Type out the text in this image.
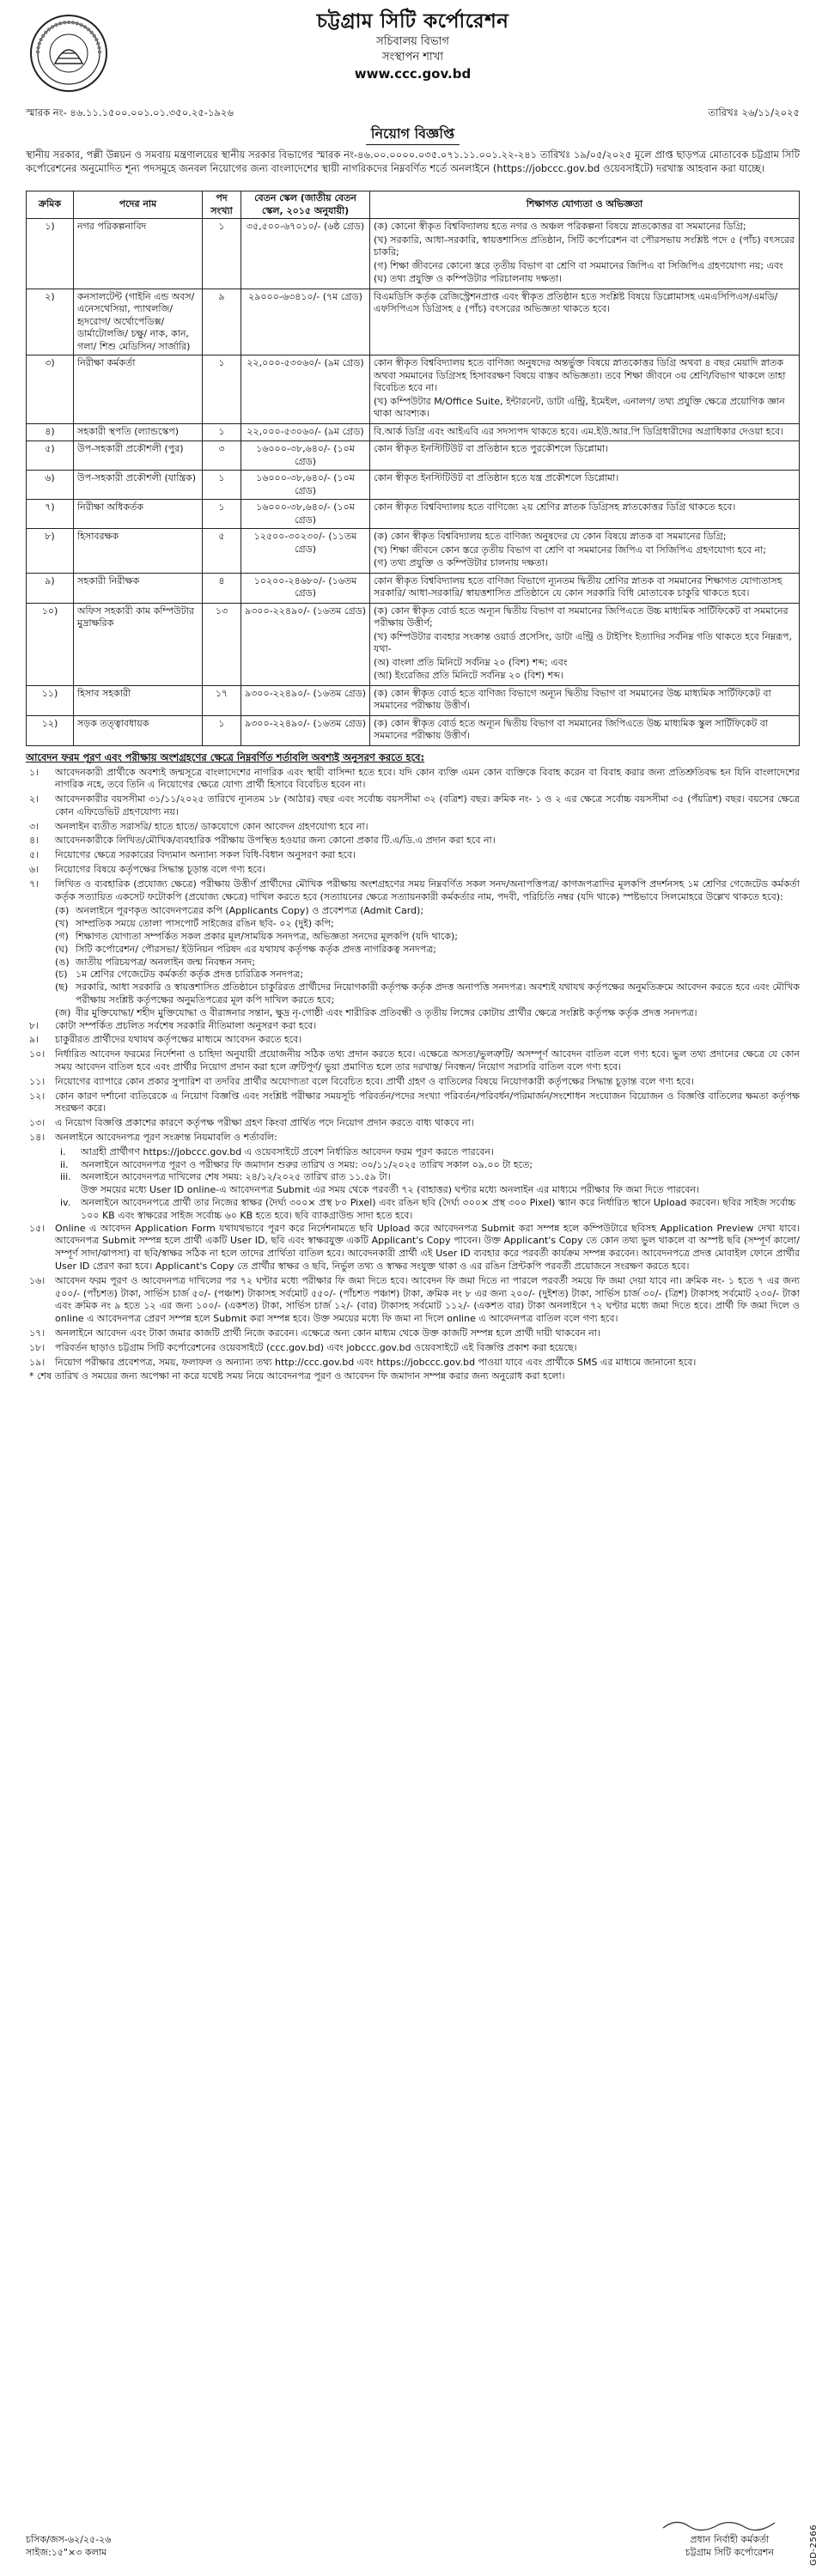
চট্টগ্রাম সিটি কর্পোরেশন
সচিবালয় বিভাগ
সংস্থাপন শাখা
www.ccc.gov.bd
স্মারক নং- ৪৬.১১.১৫০০.০০১.০১.৩৫০.২৫-১৯২৬	তারিখঃ ২৬/১১/২০২৫
নিয়োগ বিজ্ঞপ্তি
স্থানীয় সরকার, পল্লী উন্নয়ন ও সমবায় মন্ত্রণালয়ের স্থানীয় সরকার বিভাগের স্মারক নং-৪৬.০০.০০০০.০৩৫.০৭১.১১.০০১.২২-২৪১ তারিখঃ ১৯/০৫/২০২৫ মূলে প্রাপ্ত ছাড়পত্র মোতাবেক চট্টগ্রাম সিটি কর্পোরেশনের অনুমোদিত শূন্য পদসমূহে জনবল নিয়োগের জন্য বাংলাদেশের স্থায়ী নাগরিকদের নিম্নবর্ণিত শর্তে অনলাইনে (https://jobccc.gov.bd ওয়েবসাইটে) দরখাস্ত আহবান করা যাচ্ছে।
ক্রমিক	পদের নাম	পদ সংখ্যা	বেতন স্কেল (জাতীয় বেতন স্কেল, ২০১৫ অনুযায়ী)	শিক্ষাগত যোগ্যতা ও অভিজ্ঞতা
১)	নগর পরিকল্পনাবিদ	১	৩৫,৫০০-৬৭০১০/- (৬ষ্ঠ গ্রেড)	(ক) কোনো স্বীকৃত বিশ্ববিদ্যালয় হতে নগর ও অঞ্চল পরিকল্পনা বিষয়ে স্নাতকোত্তর বা সমমানের ডিগ্রি;
(খ) সরকারি, আধা-সরকারি, স্বায়ত্তশাসিত প্রতিষ্ঠান, সিটি কর্পোরেশন বা পৌরসভায় সংশ্লিষ্ট পদে ৫ (পাঁচ) বৎসরের চাকরি;
(গ) শিক্ষা জীবনের কোনো স্তরে তৃতীয় বিভাগ বা শ্রেণি বা সমমানের জিপিএ বা সিজিপিএ গ্রহণযোগ্য নয়; এবং
(ঘ) তথ্য প্রযুক্তি ও কম্পিউটার পরিচালনায় দক্ষতা।

২)	কনসালটেন্ট (গাইনি এন্ড অবস/ এনেসথেসিয়া, প্যাথলজি/ হৃদরোগ/ অর্থোপেডিক্স/ ডার্মাটোলজি/ চক্ষু/ নাক, কান, গলা/ শিশু মেডিসিন/ সার্জারি)	৯	২৯০০০-৬৩৪১০/- (৭ম গ্রেড)	বিএমডিসি কর্তৃক রেজিস্ট্রেশনপ্রাপ্ত এবং স্বীকৃত প্রতিষ্ঠান হতে সংশ্লিষ্ট বিষয়ে ডিপ্লোমাসহ এমএসিপিএস/এমডি/এফসিপিএস ডিগ্রিসহ ৫ (পাঁচ) বৎসরের অভিজ্ঞতা থাকতে হবে।

৩)	নিরীক্ষা কর্মকর্তা	১	২২,০০০-৫৩০৬০/- (৯ম গ্রেড)	কোন স্বীকৃত বিশ্ববিদ্যালয় হতে বাণিজ্য অনুষদের অন্তর্ভুক্ত বিষয়ে স্নাতকোত্তর ডিগ্রি অথবা ৪ বছর মেয়াদি স্নাতক অথবা সমমানের ডিগ্রিসহ হিসাবরক্ষণ বিষয়ে বাস্তব অভিজ্ঞতা। তবে শিক্ষা জীবনে ৩য় শ্রেণি/বিভাগ থাকলে তাহা বিবেচিত হবে না।
(খ) কম্পিউটার M/Office Suite, ইন্টারনেট, ডাটা এন্ট্রি, ইমেইল, এনালগ/ তথ্য প্রযুক্তি ক্ষেত্রে প্রয়োগিক জ্ঞান থাকা আবশ্যক।

৪)	সহকারী স্থপতি (ল্যান্ডস্কেপ)	১	২২,০০০-৫৩০৬০/- (৯ম গ্রেড)	বি.আর্ক ডিগ্রি এবং আইএবি এর সদস্যপদ থাকতে হবে। এম.ইউ.আর.পি ডিগ্রিধারীদের অগ্রাধিকার দেওয়া হবে।

৫)	উপ-সহকারী প্রকৌশলী (পুর)	৩	১৬০০০-৩৮,৬৪০/- (১০ম গ্রেড)	কোন স্বীকৃত ইনস্টিটিউট বা প্রতিষ্ঠান হতে পুরকৌশলে ডিপ্লোমা।

৬)	উপ-সহকারী প্রকৌশলী (যান্ত্রিক)	১	১৬০০০-৩৮,৬৪০/- (১০ম গ্রেড)	কোন স্বীকৃত ইনস্টিটিউট বা প্রতিষ্ঠান হতে যন্ত্র প্রকৌশলে ডিপ্লোমা।

৭)	নিরীক্ষা অধিকর্তক	১	১৬০০০-৩৮,৬৪০/- (১০ম গ্রেড)	কোন স্বীকৃত বিশ্ববিদ্যালয় হতে বাণিজ্যে ২য় শ্রেণির স্নাতক ডিগ্রিসহ স্নাতকোত্তর ডিগ্রি থাকতে হবে।

৮)	হিসাবরক্ষক	৫	১২৫০০-৩০২৩০/- (১১তম গ্রেড)	(ক) কোন স্বীকৃত বিশ্ববিদ্যালয় হতে বাণিজ্য অনুষদের যে কোন বিষয়ে স্নাতক বা সমমানের ডিগ্রি;
(খ) শিক্ষা জীবনে কোন স্তরে তৃতীয় বিভাগ বা শ্রেণি বা সমমানের জিপিএ বা সিজিপিএ গ্রহণযোগ্য হবে না;
(গ) তথ্য প্রযুক্তি ও কম্পিউটার চালনায় দক্ষতা।

৯)	সহকারী নিরীক্ষক	৪	১০২০০-২৪৬৮০/- (১৬তম গ্রেড)	কোন স্বীকৃত বিশ্ববিদ্যালয় হতে বাণিজ্য বিভাগে ন্যূনতম দ্বিতীয় শ্রেণির স্নাতক বা সমমানের শিক্ষাগত যোগ্যতাসহ সরকারি/ আধা-সরকারি/ স্বায়ত্তশাসিত প্রতিষ্ঠানে যে কোন সরকারি বিধি মোতাবেক চাকুরি থাকতে হবে।

১০)	অফিস সহকারী কাম কম্পিউটার মুদ্রাক্ষরিক	১৩	৯৩০০-২২৪৯০/- (১৬তম গ্রেড)	(ক) কোন স্বীকৃত বোর্ড হতে অন্যূন দ্বিতীয় বিভাগ বা সমমানের জিপিএতে উচ্চ মাধ্যমিক সার্টিফিকেট বা সমমানের পরীক্ষায় উত্তীর্ণ;
(খ) কম্পিউটার ব্যবহার সংক্রান্ত ওয়ার্ড প্রসেসিং, ডাটা এন্ট্রি ও টাইপিং ইত্যাদির সর্বনিম্ন গতি থাকতে হবে নিম্নরূপ, যথা-
(অ) বাংলা প্রতি মিনিটে সর্বনিম্ন ২০ (বিশ) শব্দ; এবং
(আ) ইংরেজির প্রতি মিনিটে সর্বনিম্ন ২০ (বিশ) শব্দ।

১১)	হিসাব সহকারী	১৭	৯৩০০-২২৪৯০/- (১৬তম গ্রেড)	(ক) কোন স্বীকৃত বোর্ড হতে বাণিজ্য বিভাগে অন্যূন দ্বিতীয় বিভাগ বা সমমানের উচ্চ মাধ্যমিক সার্টিফিকেট বা সমমানের পরীক্ষায় উত্তীর্ণ।

১২)	সড়ক তত্ত্বাবধায়ক	১	৯৩০০-২২৪৯০/- (১৬তম গ্রেড)	(ক) কোন স্বীকৃত বোর্ড হতে অন্যূন দ্বিতীয় বিভাগ বা সমমানের জিপিএতে উচ্চ মাধ্যমিক স্কুল সার্টিফিকেট বা সমমানের পরীক্ষায় উত্তীর্ণ।
আবেদন ফরম পূরণ এবং পরীক্ষায় অংশগ্রহণের ক্ষেত্রে নিম্নবর্ণিত শর্তাবলি অবশ্যই অনুসরণ করতে হবে:
১। আবেদনকারী প্রার্থীকে অবশ্যই জন্মসূত্রে বাংলাদেশের নাগরিক এবং স্থায়ী বাসিন্দা হতে হবে। যদি কোন ব্যক্তি এমন কোন ব্যক্তিকে বিবাহ করেন বা বিবাহ করার জন্য প্রতিশ্রুতিবদ্ধ হন যিনি বাংলাদেশের নাগরিক নহে, তবে তিনি এ নিয়োগের ক্ষেত্রে যোগ্য প্রার্থী হিসাবে বিবেচিত হবেন না।
২। আবেদনকারীর বয়সসীমা ৩১/১১/২০২৫ তারিখে ন্যূনতম ১৮ (আঠার) বছর এবং সর্বোচ্চ বয়সসীমা ৩২ (বত্রিশ) বছর। ক্রমিক নং- ১ ও ২ এর ক্ষেত্রে সর্বোচ্চ বয়সসীমা ৩৫ (পঁয়ত্রিশ) বছর। বয়সের ক্ষেত্রে কোন এফিডেভিট গ্রহণযোগ্য নয়।
৩। অনলাইন ব্যতীত সরাসরি/ হাতে হাতে/ ডাকযোগে কোন আবেদন গ্রহণযোগ্য হবে না।
৪। আবেদনকারীকে লিখিত/মৌখিক/ব্যবহারিক পরীক্ষায় উপস্থিত হওয়ার জন্য কোনো প্রকার টি.এ/ডি.এ প্রদান করা হবে না।
৫। নিয়োগের ক্ষেত্রে সরকারের বিদ্যমান অন্যান্য সকল বিধি-বিধান অনুসরণ করা হবে।
৬। নিয়োগের বিষয়ে কর্তৃপক্ষের সিদ্ধান্ত চূড়ান্ত বলে গণ্য হবে।
৭। লিখিত ও ব্যবহারিক (প্রযোজ্য ক্ষেত্রে) পরীক্ষায় উত্তীর্ণ প্রার্থীদের মৌখিক পরীক্ষায় অংশগ্রহণের সময় নিম্নবর্ণিত সকল সনদ/অনাপত্তিপত্র/ কাগজপত্রাদির মূলকপি প্রদর্শনসহ ১ম শ্রেণির গেজেটেড কর্মকর্তা কর্তৃক সত্যায়িত একসেট ফটোকপি (প্রযোজ্য ক্ষেত্রে) দাখিল করতে হবে (সত্যায়নের ক্ষেত্রে সত্যায়নকারী কর্মকর্তার নাম, পদবী, পরিচিতি নম্বর (যদি থাকে) স্পষ্টভাবে সিলমোহরে উল্লেখ থাকতে হবে):
(ক) অনলাইনে পূরণকৃত আবেদনপত্রের কপি (Applicants Copy) ও প্রবেশপত্র (Admit Card);
(খ) সাম্প্রতিক সময়ে তোলা পাসপোর্ট সাইজের রঙিন ছবি- ০২ (দুই) কপি;
(গ) শিক্ষাগত যোগ্যতা সম্পর্কিত সকল প্রকার মূল/সাময়িক সনদপত্র, অভিজ্ঞতা সনদের মূলকপি (যদি থাকে);
(ঘ) সিটি কর্পোরেশন/ পৌরসভা/ ইউনিয়ন পরিষদ এর যথাযথ কর্তৃপক্ষ কর্তৃক প্রদত্ত নাগরিকত্ব সনদপত্র;
(ঙ) জাতীয় পরিচয়পত্র/ অনলাইন জন্ম নিবন্ধন সনদ;
(চ) ১ম শ্রেণির গেজেটেড কর্মকর্তা কর্তৃক প্রদত্ত চারিত্রিক সনদপত্র;
(ছ) সরকারি, আধা সরকারি ও স্বায়ত্তশাসিত প্রতিষ্ঠানে চাকুরিরত প্রার্থীদের নিয়োগকারী কর্তৃপক্ষ কর্তৃক প্রদত্ত অনাপত্তি সনদপত্র। অবশ্যই যথাযথ কর্তৃপক্ষের অনুমতিক্রমে আবেদন করতে হবে এবং মৌখিক পরীক্ষায় সংশ্লিষ্ট কর্তৃপক্ষের অনুমতিপত্রের মূল কপি দাখিল করতে হবে;
(জ) বীর মুক্তিযোদ্ধা/ শহীদ মুক্তিযোদ্ধা ও বীরাঙ্গনার সন্তান, ক্ষুদ্র নৃ-গোষ্ঠী এবং শারীরিক প্রতিবন্ধী ও তৃতীয় লিঙ্গের কোটায় প্রার্থীর ক্ষেত্রে সংশ্লিষ্ট কর্তৃপক্ষ কর্তৃক প্রদত্ত সনদপত্র।
৮। কোটা সম্পর্কিত প্রচলিত সর্বশেষ সরকারি নীতিমালা অনুসরণ করা হবে।
৯। চাকুরীরত প্রার্থীদের যথাযথ কর্তৃপক্ষের মাধ্যমে আবেদন করতে হবে।
১০। নির্ধারিত আবেদন ফরমের নির্দেশনা ও চাহিদা অনুযায়ী প্রয়োজনীয় সঠিক তথ্য প্রদান করতে হবে। এক্ষেত্রে অসত্য/ভুলত্রুটি/ অসম্পূর্ণ আবেদন বাতিল বলে গণ্য হবে। ভুল তথ্য প্রদানের ক্ষেত্রে যে কোন সময় আবেদন বাতিল হবে এবং প্রার্থীর নিয়োগ প্রদান করা হলে ত্রুটিপূর্ণ/ ভুয়া প্রমাণিত হলে তার দরখাস্ত/ নিবন্ধন/ নিয়োগ সরাসরি বাতিল বলে গণ্য হবে।
১১। নিয়োগের ব্যাপারে কোন প্রকার সুপারিশ বা তদবির প্রার্থীর অযোগ্যতা বলে বিবেচিত হবে। প্রার্থী গ্রহণ ও বাতিলের বিষয়ে নিয়োগকারী কর্তৃপক্ষের সিদ্ধান্ত চূড়ান্ত বলে গণ্য হবে।
১২। কোন কারণ দর্শানো ব্যতিরেকে এ নিয়োগ বিজ্ঞপ্তি এবং সংশ্লিষ্ট পরীক্ষার সময়সূচি পরিবর্তন/পদের সংখ্যা পরিবর্তন/পরিবর্ধন/পরিমার্জন/সংশোধন সংযোজন বিয়োজন ও বিজ্ঞপ্তি বাতিলের ক্ষমতা কর্তৃপক্ষ সংরক্ষণ করে।
১৩। এ নিয়োগ বিজ্ঞপ্তি প্রকাশের কারণে কর্তৃপক্ষ পরীক্ষা গ্রহণ কিংবা প্রার্থিত পদে নিয়োগ প্রদান করতে বাধ্য থাকবে না।
১৪। অনলাইনে আবেদনপত্র পূরণ সংক্রান্ত নিয়মাবলি ও শর্তাবলি:
i. আগ্রহী প্রার্থীগণ https://jobccc.gov.bd এ ওয়েবসাইটে প্রবেশ নির্ধারিত আবেদন ফরম পূরণ করতে পারবেন।
ii. অনলাইনে আবেদনপত্র পূরণ ও পরীক্ষার ফি জমাদান শুরুর তারিখ ও সময়: ৩০/১১/২০২৫ তারিখ সকাল ০৯.০০ টা হতে;
iii. অনলাইনে আবেদনপত্র দাখিলের শেষ সময়: ২৪/১২/২০২৫ তারিখ রাত ১১.৫৯ টা।
উক্ত সময়ের মধ্যে User ID online-এ আবেদনপত্র Submit এর সময় থেকে পরবর্তী ৭২ (বাহাত্তর) ঘণ্টার মধ্যে অনলাইন এর মাধ্যমে পরীক্ষার ফি জমা দিতে পারবেন।
iv. অনলাইনে আবেদনপত্রে প্রার্থী তার নিজের স্বাক্ষর (দৈর্ঘ্য ৩০০× প্রস্থ ৮০ Pixel) এবং রঙিন ছবি (দৈর্ঘ্য ৩০০× প্রস্থ ৩০০ Pixel) স্ক্যান করে নির্ধারিত স্থানে Upload করবেন। ছবির সাইজ সর্বোচ্চ ১০০ KB এবং স্বাক্ষরের সাইজ সর্বোচ্চ ৬০ KB হতে হবে। ছবি ব্যাকগ্রাউন্ড সাদা হতে হবে।
১৫। Online এ আবেদন Application Form যথাযথভাবে পূরণ করে নির্দেশনামতে ছবি Upload করে আবেদনপত্র Submit করা সম্পন্ন হলে কম্পিউটারে ছবিসহ Application Preview দেখা যাবে। আবেদনপত্র Submit সম্পন্ন হলে প্রার্থী একটি User ID, ছবি এবং স্বাক্ষরযুক্ত একটি Applicant's Copy পাবেন। উক্ত Applicant's Copy তে কোন তথ্য ভুল থাকলে বা অস্পষ্ট ছবি (সম্পূর্ণ কালো/সম্পূর্ণ সাদা/ঝাপসা) বা ছবি/স্বাক্ষর সঠিক না হলে তাদের প্রার্থিতা বাতিল হবে। আবেদনকারী প্রার্থী এই User ID ব্যবহার করে পরবর্তী কার্যক্রম সম্পন্ন করবেন। আবেদনপত্রে প্রদত্ত মোবাইল ফোনে প্রার্থীর User ID প্রেরণ করা হবে। Applicant's Copy তে প্রার্থীর স্বাক্ষর ও ছবি, নির্ভুল তথ্য ও স্বাক্ষর সংযুক্ত থাকা ও এর রঙিন প্রিন্টকপি পরবর্তী প্রয়োজনে সংরক্ষণ করতে হবে।
১৬। আবেদন ফরম পূরণ ও আবেদনপত্র দাখিলের পর ৭২ ঘণ্টার মধ্যে পরীক্ষার ফি জমা দিতে হবে। আবেদন ফি জমা দিতে না পারলে পরবর্তী সময়ে ফি জমা দেয়া যাবে না। ক্রমিক নং- ১ হতে ৭ এর জন্য ৫০০/- (পাঁচশত) টাকা, সার্ভিস চার্জ ৫০/- (পঞ্চাশ) টাকাসহ সর্বমোট ৫৫০/- (পাঁচশত পঞ্চাশ) টাকা, ক্রমিক নং ৮ এর জন্য ২০০/- (দুইশত) টাকা, সার্ভিস চার্জ ৩০/- (ত্রিশ) টাকাসহ সর্বমোট ২৩০/- টাকা এবং ক্রমিক নং ৯ হতে ১২ এর জন্য ১০০/- (একশত) টাকা, সার্ভিস চার্জ ১২/- (বার) টাকাসহ সর্বমোট ১১২/- (একশত বার) টাকা অনলাইনে ৭২ ঘণ্টার মধ্যে জমা দিতে হবে। প্রার্থী ফি জমা দিলে ও online এ আবেদনপত্র প্রেরণ সম্পন্ন হলে Submit করা সম্পন্ন হবে। উক্ত সময়ের মধ্যে ফি জমা না দিলে online এ আবেদনপত্র বাতিল বলে গণ্য হবে।
১৭। অনলাইনে আবেদন এবং টাকা জমার কাজটি প্রার্থী নিজে করবেন। এক্ষেত্রে অন্য কোন মাধ্যম থেকে উক্ত কাজটি সম্পন্ন হলে প্রার্থী দায়ী থাকবেন না।
১৮। পরিবর্তন ছাড়াও চট্টগ্রাম সিটি কর্পোরেশনের ওয়েবসাইটে (ccc.gov.bd) এবং jobccc.gov.bd ওয়েবসাইটে এই বিজ্ঞপ্তি প্রকাশ করা হয়েছে।
১৯। নিয়োগ পরীক্ষার প্রবেশপত্র, সময়, ফলাফল ও অন্যান্য তথ্য http://ccc.gov.bd এবং https://jobccc.gov.bd পাওয়া যাবে এবং প্রার্থীকে SMS এর মাধ্যমে জানানো হবে।
* শেষ তারিখ ও সময়ের জন্য অপেক্ষা না করে যথেষ্ট সময় নিয়ে আবেদনপত্র পূরণ ও আবেদন ফি জমাদান সম্পন্ন করার জন্য অনুরোধ করা হলো।
চসিক/জস-৬২/২৫-২৬
সাইজ:১৫"×৩ কলাম
প্রধান নির্বাহী কর্মকর্তা
চট্টগ্রাম সিটি কর্পোরেশন	GD-2566
